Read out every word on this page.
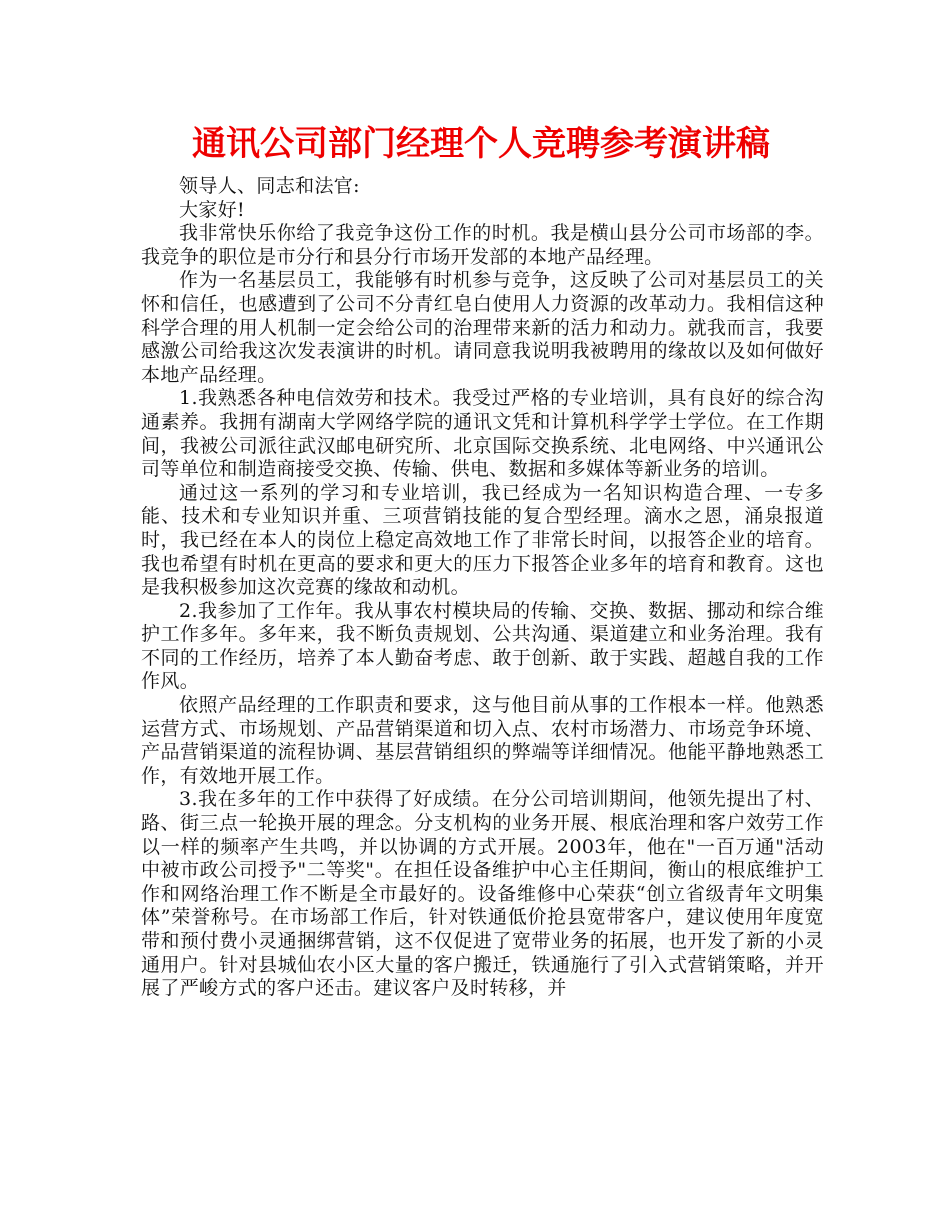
通讯公司部门经理个人竞聘参考演讲稿

领导人、同志和法官:

大家好!

我非常快乐你给了我竞争这份工作的时机。我是横山县分公司市场部的李。我竞争的职位是市分行和县分行市场开发部的本地产品经理。

作为一名基层员工，我能够有时机参与竞争，这反映了公司对基层员工的关怀和信任，也感遭到了公司不分青红皂白使用人力资源的改革动力。我相信这种科学合理的用人机制一定会给公司的治理带来新的活力和动力。就我而言，我要感激公司给我这次发表演讲的时机。请同意我说明我被聘用的缘故以及如何做好本地产品经理。

1.我熟悉各种电信效劳和技术。我受过严格的专业培训，具有良好的综合沟通素养。我拥有湖南大学网络学院的通讯文凭和计算机科学学士学位。在工作期间，我被公司派往武汉邮电研究所、北京国际交换系统、北电网络、中兴通讯公司等单位和制造商接受交换、传输、供电、数据和多媒体等新业务的培训。

通过这一系列的学习和专业培训，我已经成为一名知识构造合理、一专多能、技术和专业知识并重、三项营销技能的复合型经理。滴水之恩，涌泉报道时，我已经在本人的岗位上稳定高效地工作了非常长时间，以报答企业的培育。我也希望有时机在更高的要求和更大的压力下报答企业多年的培育和教育。这也是我积极参加这次竞赛的缘故和动机。

2.我参加了工作年。我从事农村模块局的传输、交换、数据、挪动和综合维护工作多年。多年来，我不断负责规划、公共沟通、渠道建立和业务治理。我有不同的工作经历，培养了本人勤奋考虑、敢于创新、敢于实践、超越自我的工作作风。

依照产品经理的工作职责和要求，这与他目前从事的工作根本一样。他熟悉运营方式、市场规划、产品营销渠道和切入点、农村市场潜力、市场竞争环境、产品营销渠道的流程协调、基层营销组织的弊端等详细情况。他能平静地熟悉工作，有效地开展工作。

3.我在多年的工作中获得了好成绩。在分公司培训期间，他领先提出了村、路、街三点一轮换开展的理念。分支机构的业务开展、根底治理和客户效劳工作以一样的频率产生共鸣，并以协调的方式开展。2003年，他在"一百万通"活动中被市政公司授予"二等奖"。在担任设备维护中心主任期间，衡山的根底维护工作和网络治理工作不断是全市最好的。设备维修中心荣获“创立省级青年文明集体”荣誉称号。在市场部工作后，针对铁通低价抢县宽带客户，建议使用年度宽带和预付费小灵通捆绑营销，这不仅促进了宽带业务的拓展，也开发了新的小灵通用户。针对县城仙农小区大量的客户搬迁，铁通施行了引入式营销策略，并开展了严峻方式的客户还击。建议客户及时转移，并
